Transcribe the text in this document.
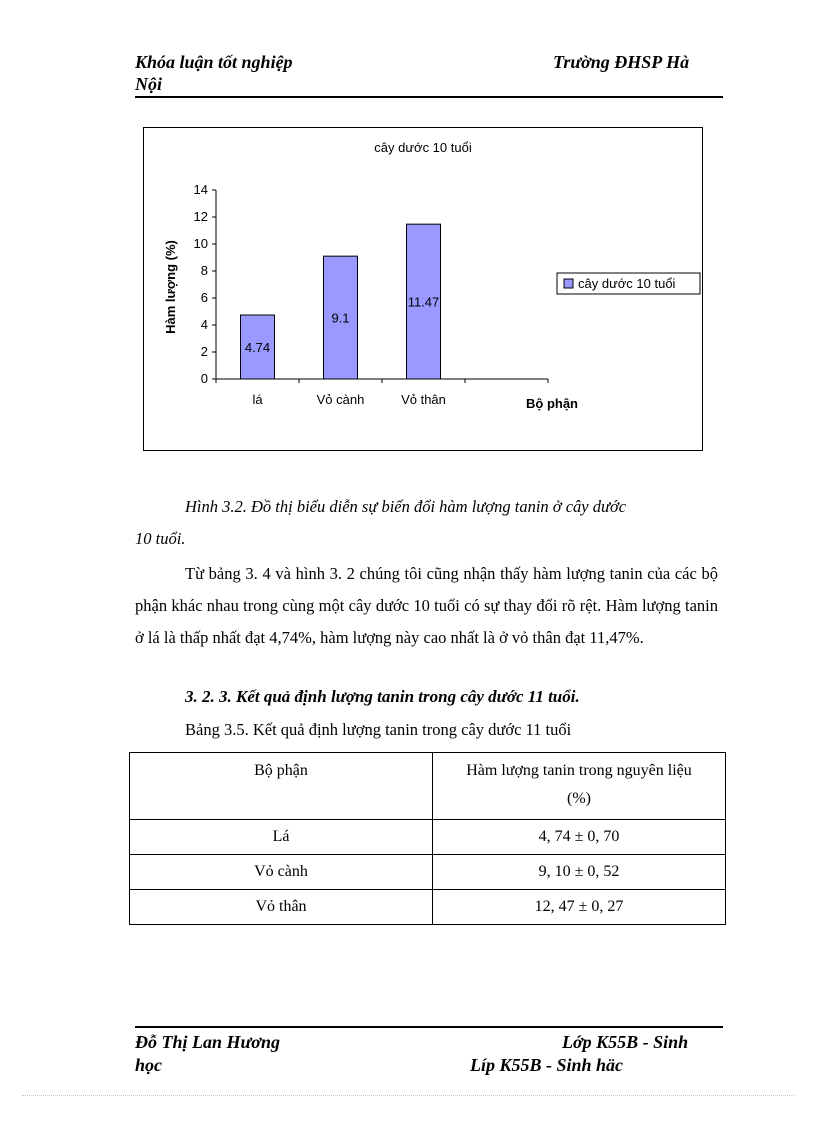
Khóa luận tốt nghiệp
Nội
Trường ĐHSP Hà
cây dước 10 tuổi
0
2
4
6
8
10
12
14
4.74
9.1
11.47
lá	Vỏ cành	Vỏ thân
Hàm lượng (%)
Bộ phận
cây dước 10 tuổi
Hình 3.2. Đồ thị biểu diễn sự biến đổi hàm lượng tanin ở cây dước
10 tuổi.
Từ bảng 3. 4 và hình 3. 2 chúng tôi cũng nhận thấy hàm lượng tanin của các bộ phận khác nhau trong cùng một cây dước 10 tuổi có sự thay đổi rõ rệt. Hàm lượng tanin ở lá là thấp nhất đạt 4,74%, hàm lượng này cao nhất là ở vỏ thân đạt 11,47%.
3. 2. 3. Kết quả định lượng tanin trong cây dước 11 tuổi.
Bảng 3.5. Kết quả định lượng tanin trong cây dước 11 tuổi
Bộ phận	Hàm lượng tanin trong nguyên liệu
(%)

Lá	4, 74 ± 0, 70
Vỏ cành	9, 10 ± 0, 52
Vỏ thân	12, 47 ± 0, 27
Đỗ Thị Lan Hương
học
Lớp K55B - Sinh
Líp K55B - Sinh häc
